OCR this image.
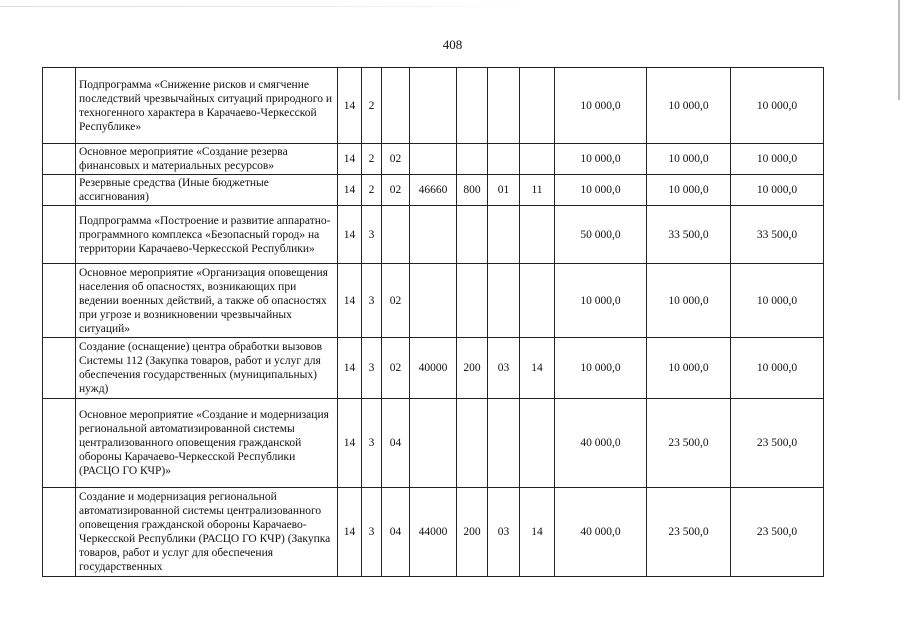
408
	Подпрограмма «Снижение рисков и смягчение последствий чрезвычайных ситуаций природного и техногенного характера в Карачаево-Черкесской Республике»	14	2						10 000,0	10 000,0	10 000,0
	Основное мероприятие «Создание резерва финансовых и материальных ресурсов»	14	2	02					10 000,0	10 000,0	10 000,0
	Резервные средства (Иные бюджетные ассигнования)	14	2	02	46660	800	01	11	10 000,0	10 000,0	10 000,0
	Подпрограмма «Построение и развитие аппаратно-программного комплекса «Безопасный город» на территории Карачаево-Черкесской Республики»	14	3						50 000,0	33 500,0	33 500,0
	Основное мероприятие «Организация оповещения населения об опасностях, возникающих при ведении военных действий, а также об опасностях при угрозе и возникновении чрезвычайных ситуаций»	14	3	02					10 000,0	10 000,0	10 000,0
	Создание (оснащение) центра обработки вызовов Системы 112 (Закупка товаров, работ и услуг для обеспечения государственных (муниципальных) нужд)	14	3	02	40000	200	03	14	10 000,0	10 000,0	10 000,0
	Основное мероприятие «Создание и модернизация региональной автоматизированной системы централизованного оповещения гражданской обороны Карачаево-Черкесской Республики (РАСЦО ГО КЧР)»	14	3	04					40 000,0	23 500,0	23 500,0
	Создание и модернизация региональной автоматизированной системы централизованного оповещения гражданской обороны Карачаево-Черкесской Республики (РАСЦО ГО КЧР) (Закупка товаров, работ и услуг для обеспечения государственных	14	3	04	44000	200	03	14	40 000,0	23 500,0	23 500,0
